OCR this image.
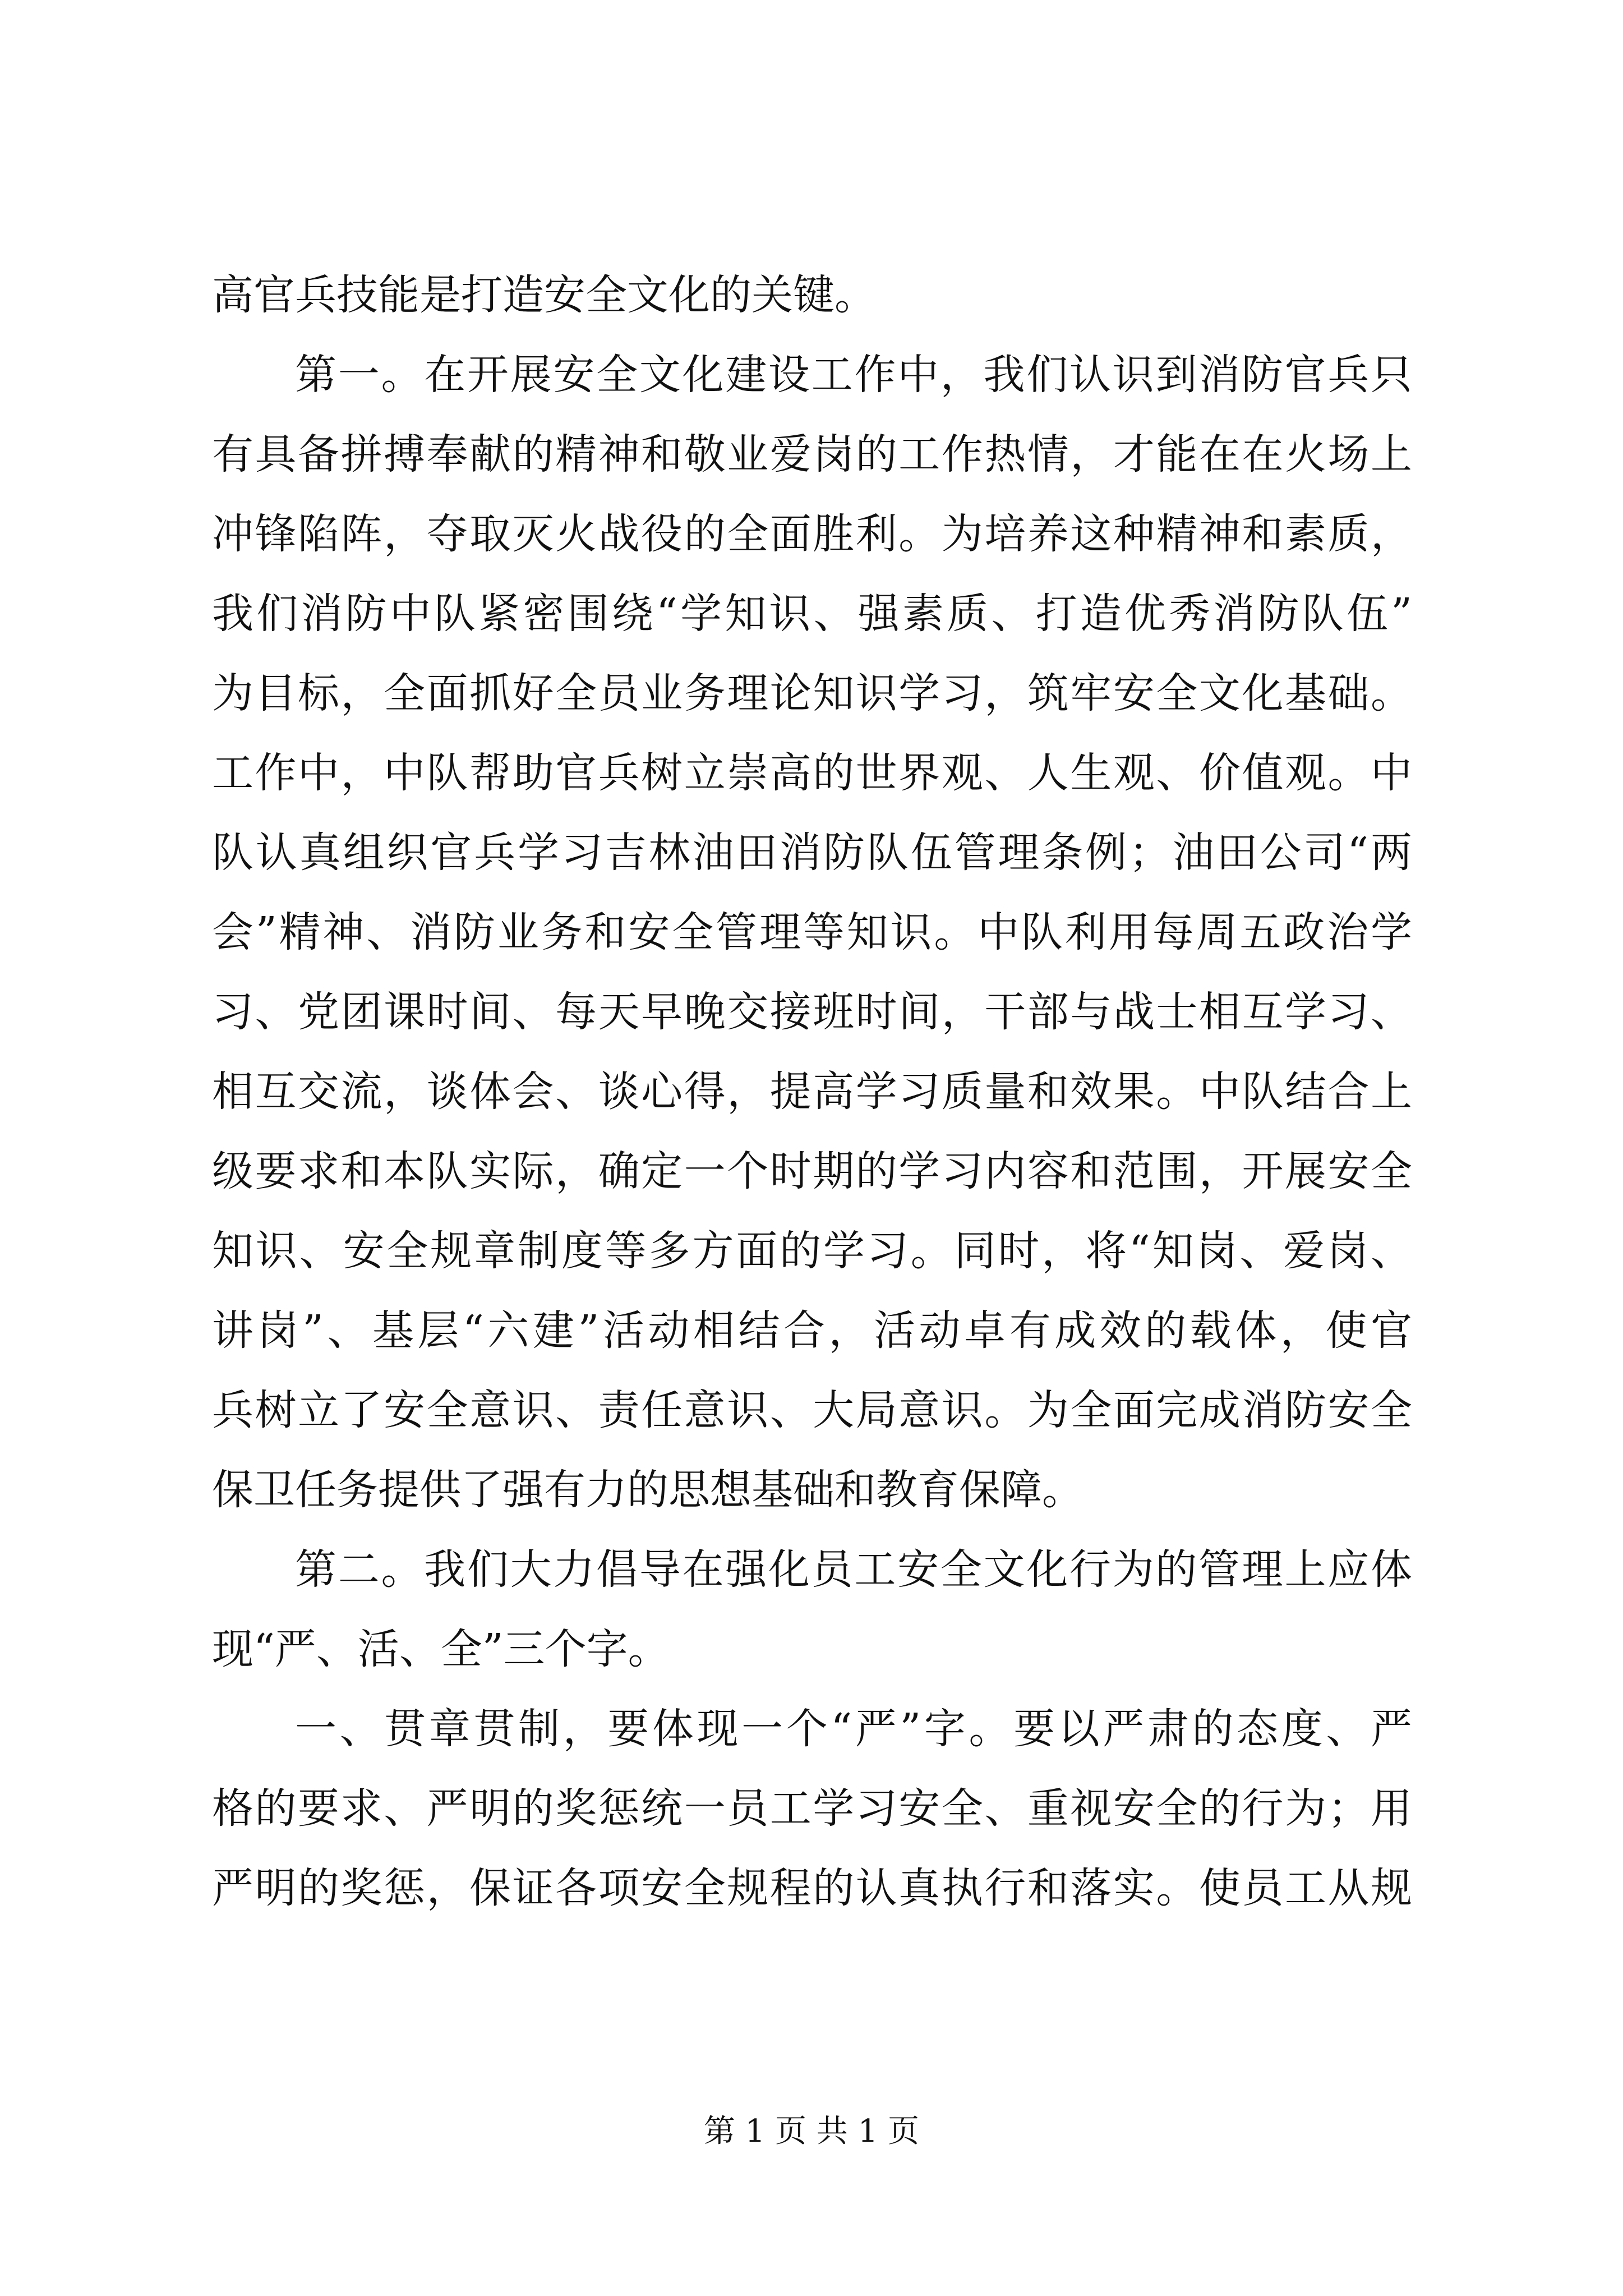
高官兵技能是打造安全文化的关键。
第一。在开展安全文化建设工作中，我们认识到消防官兵只
有具备拼搏奉献的精神和敬业爱岗的工作热情，才能在在火场上
冲锋陷阵，夺取灭火战役的全面胜利。为培养这种精神和素质，
我们消防中队紧密围绕“学知识、强素质、打造优秀消防队伍”
为目标，全面抓好全员业务理论知识学习，筑牢安全文化基础。
工作中，中队帮助官兵树立崇高的世界观、人生观、价值观。中
队认真组织官兵学习吉林油田消防队伍管理条例；油田公司“两
会”精神、消防业务和安全管理等知识。中队利用每周五政治学
习、党团课时间、每天早晚交接班时间，干部与战士相互学习、
相互交流，谈体会、谈心得，提高学习质量和效果。中队结合上
级要求和本队实际，确定一个时期的学习内容和范围，开展安全
知识、安全规章制度等多方面的学习。同时，将“知岗、爱岗、
讲岗”、基层“六建”活动相结合，活动卓有成效的载体，使官
兵树立了安全意识、责任意识、大局意识。为全面完成消防安全
保卫任务提供了强有力的思想基础和教育保障。
第二。我们大力倡导在强化员工安全文化行为的管理上应体
现“严、活、全”三个字。
一、贯章贯制，要体现一个“严”字。要以严肃的态度、严
格的要求、严明的奖惩统一员工学习安全、重视安全的行为；用
严明的奖惩，保证各项安全规程的认真执行和落实。使员工从规
第 1 页 共 1 页
